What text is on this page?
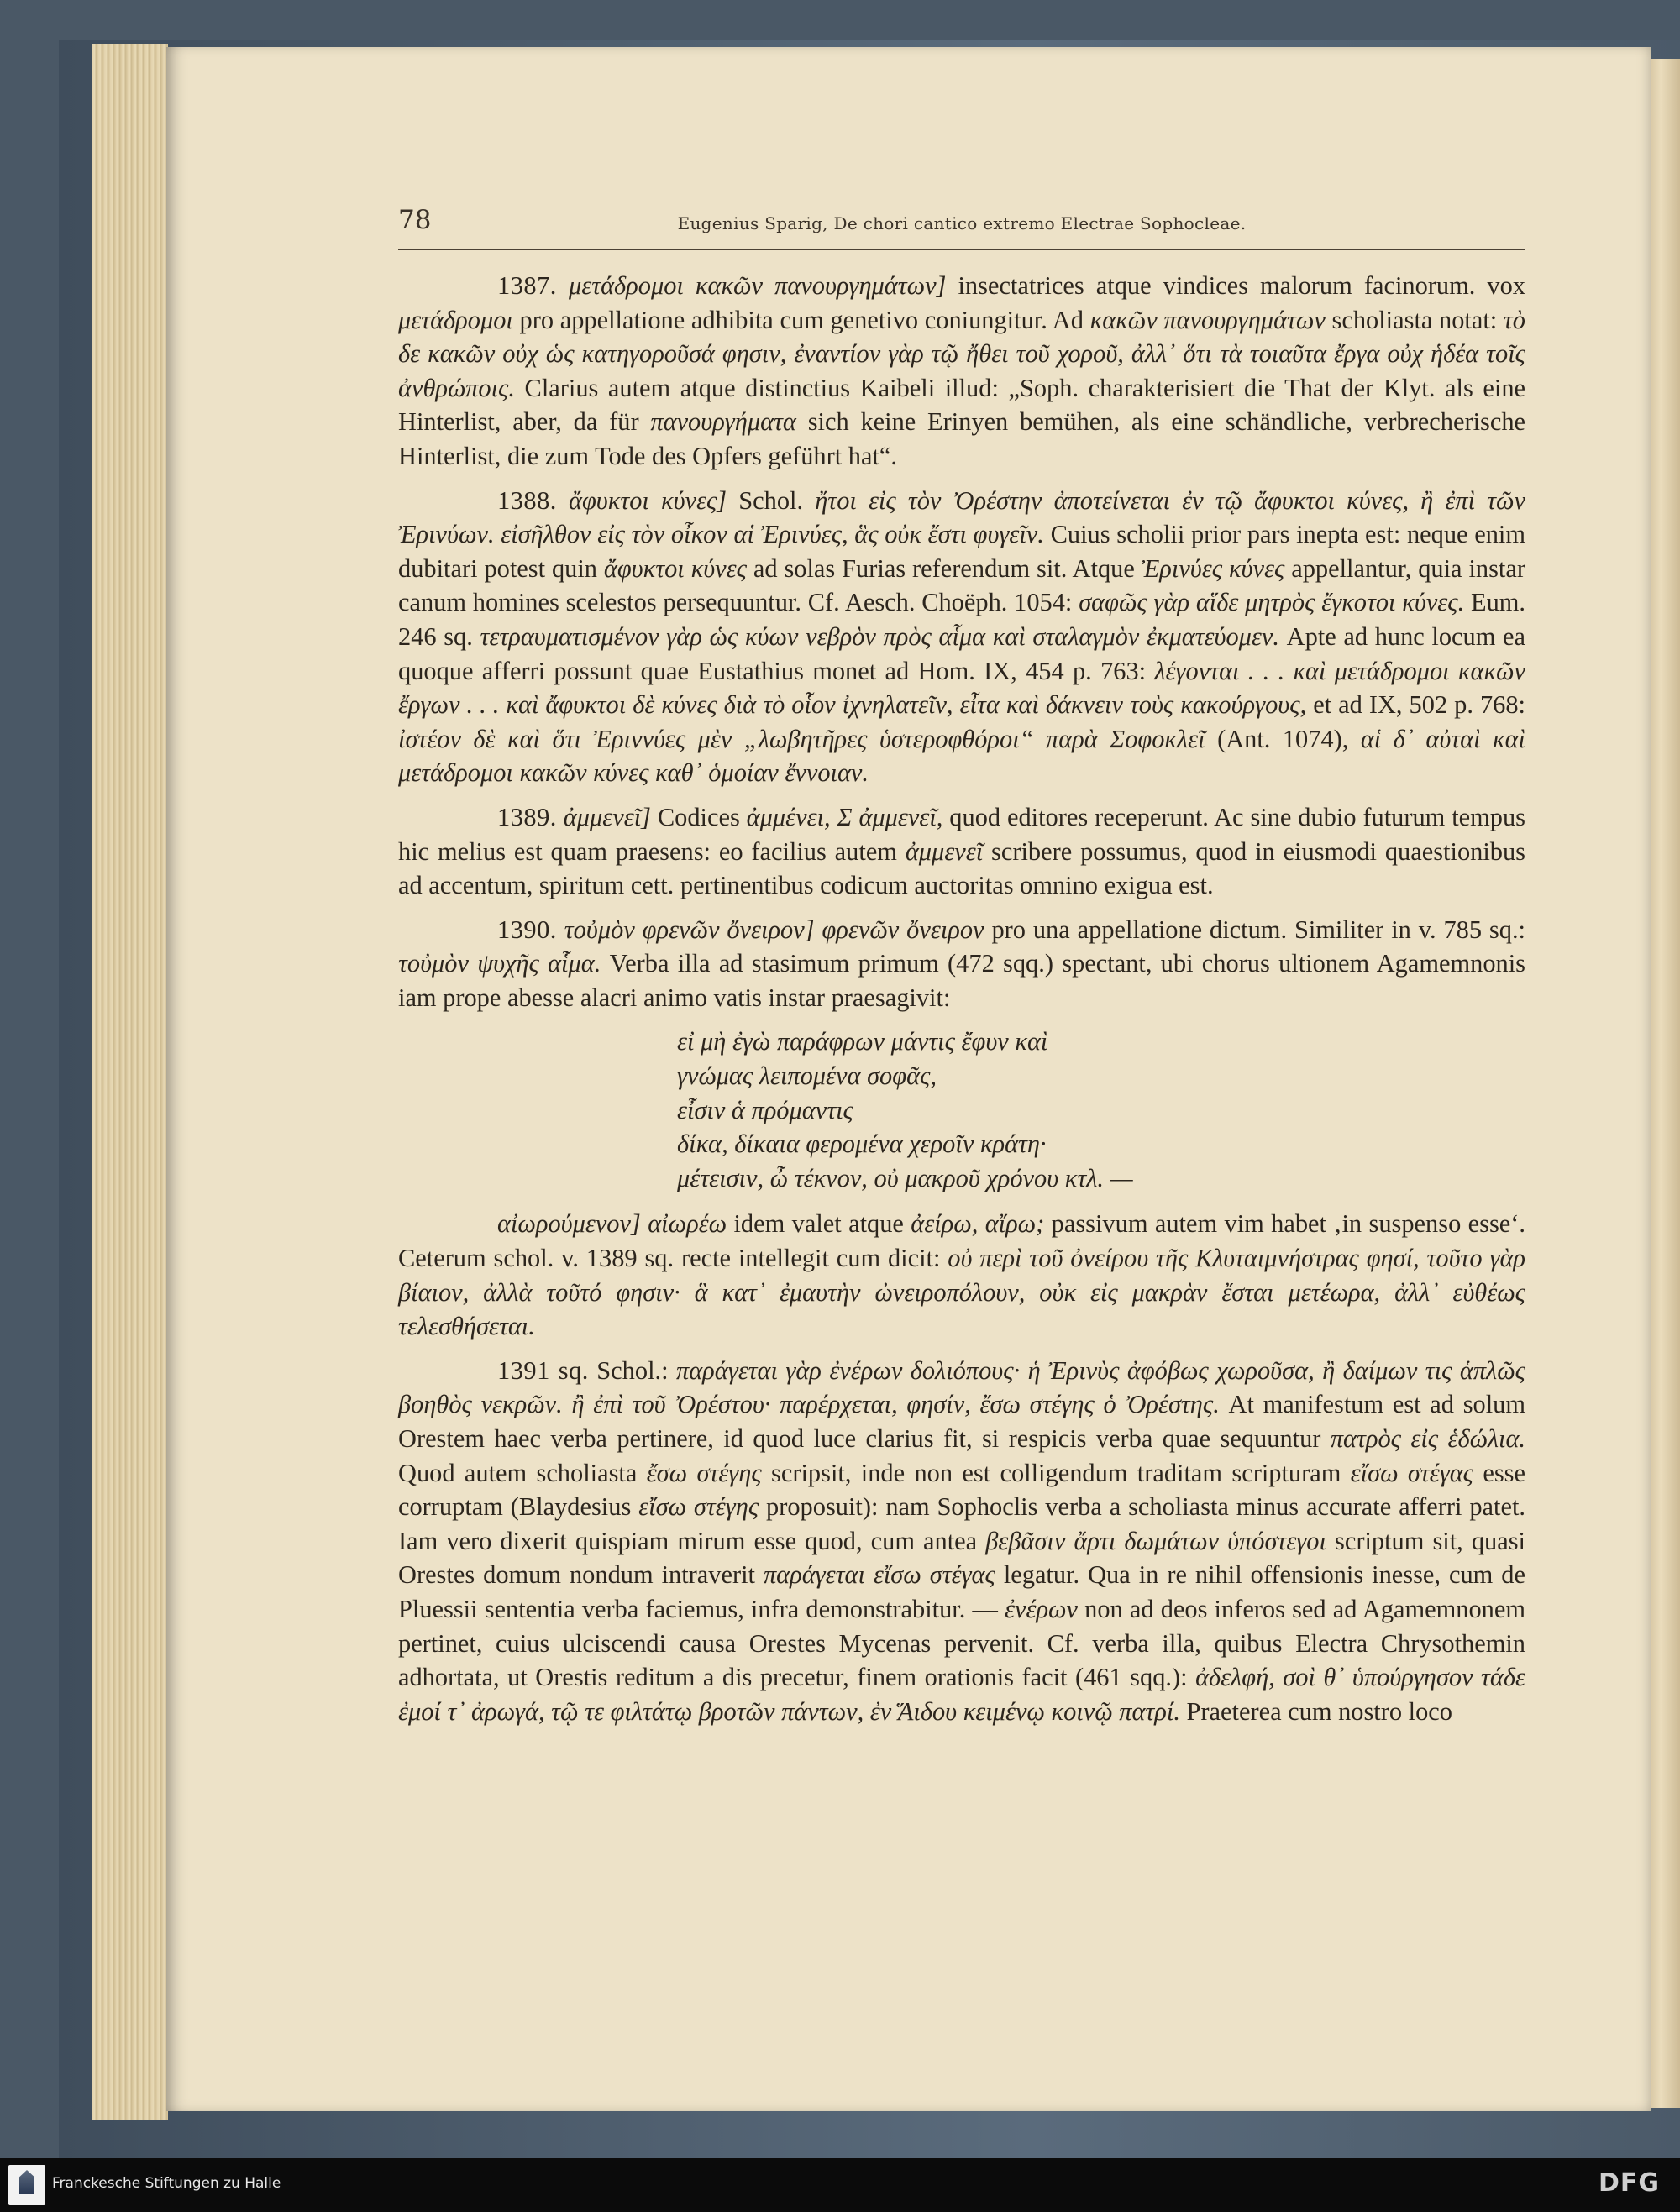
78	Eugenius Sparig, De chori cantico extremo Electrae Sophocleae.

1387. μετάδρομοι κακῶν πανουργημάτων] insectatrices atque vindices malorum facinorum. vox μετάδρομοι pro appellatione adhibita cum genetivo coniungitur. Ad κακῶν πανουργημάτων scholiasta notat: τὸ δε κακῶν οὐχ ὡς κατηγοροῦσά φησιν, ἐναντίον γὰρ τῷ ἤθει τοῦ χοροῦ, ἀλλ᾽ ὅτι τὰ τοιαῦτα ἔργα οὐχ ἡδέα τοῖς ἀνθρώποις. Clarius autem atque distinctius Kaibeli illud: „Soph. charakterisiert die That der Klyt. als eine Hinterlist, aber, da für πανουργήματα sich keine Erinyen bemühen, als eine schändliche, verbrecherische Hinterlist, die zum Tode des Opfers geführt hat“.

1388. ἄφυκτοι κύνες] Schol. ἤτοι εἰς τὸν Ὀρέστην ἀποτείνεται ἐν τῷ ἄφυκτοι κύνες, ἢ ἐπὶ τῶν Ἐρινύων. εἰσῆλθον εἰς τὸν οἶκον αἱ Ἐρινύες, ἃς οὐκ ἔστι φυγεῖν. Cuius scholii prior pars inepta est: neque enim dubitari potest quin ἄφυκτοι κύνες ad solas Furias referendum sit. Atque Ἐρινύες κύνες appellantur, quia instar canum homines scelestos persequuntur. Cf. Aesch. Choëph. 1054: σαφῶς γὰρ αἵδε μητρὸς ἔγκοτοι κύνες. Eum. 246 sq. τετραυματισμένον γὰρ ὡς κύων νεβρὸν πρὸς αἷμα καὶ σταλαγμὸν ἐκματεύομεν. Apte ad hunc locum ea quoque afferri possunt quae Eustathius monet ad Hom. IX, 454 p. 763: λέγονται . . . καὶ μετάδρομοι κακῶν ἔργων . . . καὶ ἄφυκτοι δὲ κύνες διὰ τὸ οἷον ἰχνηλατεῖν, εἶτα καὶ δάκνειν τοὺς κακούργους, et ad IX, 502 p. 768: ἰστέον δὲ καὶ ὅτι Ἐριννύες μὲν „λωβητῆρες ὑστεροφθόροι“ παρὰ Σοφοκλεῖ (Ant. 1074), αἱ δ᾽ αὐταὶ καὶ μετάδρομοι κακῶν κύνες καθ᾽ ὁμοίαν ἔννοιαν.

1389. ἀμμενεῖ] Codices ἀμμένει, Σ ἀμμενεῖ, quod editores receperunt. Ac sine dubio futurum tempus hic melius est quam praesens: eo facilius autem ἀμμενεῖ scribere possumus, quod in eiusmodi quaestionibus ad accentum, spiritum cett. pertinentibus codicum auctoritas omnino exigua est.

1390. τοὐμὸν φρενῶν ὄνειρον] φρενῶν ὄνειρον pro una appellatione dictum. Similiter in v. 785 sq.: τοὐμὸν ψυχῆς αἷμα. Verba illa ad stasimum primum (472 sqq.) spectant, ubi chorus ultionem Agamemnonis iam prope abesse alacri animo vatis instar praesagivit:

εἰ μὴ ἐγὼ παράφρων μάντις ἔφυν καὶ
γνώμας λειπομένα σοφᾶς,
εἶσιν ἁ πρόμαντις
δίκα, δίκαια φερομένα χεροῖν κράτη·
μέτεισιν, ὦ τέκνον, οὐ μακροῦ χρόνου κτλ. —

αἰωρούμενον] αἰωρέω idem valet atque ἀείρω, αἴρω; passivum autem vim habet ‚in suspenso esse‘. Ceterum schol. v. 1389 sq. recte intellegit cum dicit: οὐ περὶ τοῦ ὀνείρου τῆς Κλυταιμνήστρας φησί, τοῦτο γὰρ βίαιον, ἀλλὰ τοῦτό φησιν· ἃ κατ᾽ ἐμαυτὴν ὠνειροπόλουν, οὐκ εἰς μακρὰν ἔσται μετέωρα, ἀλλ᾽ εὐθέως τελεσθήσεται.

1391 sq. Schol.: παράγεται γὰρ ἐνέρων δολιόπους· ἡ Ἐρινὺς ἀφόβως χωροῦσα, ἢ δαίμων τις ἁπλῶς βοηθὸς νεκρῶν. ἢ ἐπὶ τοῦ Ὀρέστου· παρέρχεται, φησίν, ἔσω στέγης ὁ Ὀρέστης. At manifestum est ad solum Orestem haec verba pertinere, id quod luce clarius fit, si respicis verba quae sequuntur πατρὸς εἰς ἑδώλια. Quod autem scholiasta ἔσω στέγης scripsit, inde non est colligendum traditam scripturam εἴσω στέγας esse corruptam (Blaydesius εἴσω στέγης proposuit): nam Sophoclis verba a scholiasta minus accurate afferri patet. Iam vero dixerit quispiam mirum esse quod, cum antea βεβᾶσιν ἄρτι δωμάτων ὑπόστεγοι scriptum sit, quasi Orestes domum nondum intraverit παράγεται εἴσω στέγας legatur. Qua in re nihil offensionis inesse, cum de Pluessii sententia verba faciemus, infra demonstrabitur. — ἐνέρων non ad deos inferos sed ad Agamemnonem pertinet, cuius ulciscendi causa Orestes Mycenas pervenit. Cf. verba illa, quibus Electra Chrysothemin adhortata, ut Orestis reditum a dis precetur, finem orationis facit (461 sqq.): ἀδελφή, σοὶ θ᾽ ὑπούργησον τάδε ἐμοί τ᾽ ἀρωγά, τῷ τε φιλτάτῳ βροτῶν πάντων, ἐν Ἅιδου κειμένῳ κοινῷ πατρί. Praeterea cum nostro loco

Franckesche Stiftungen zu Halle	DFG
